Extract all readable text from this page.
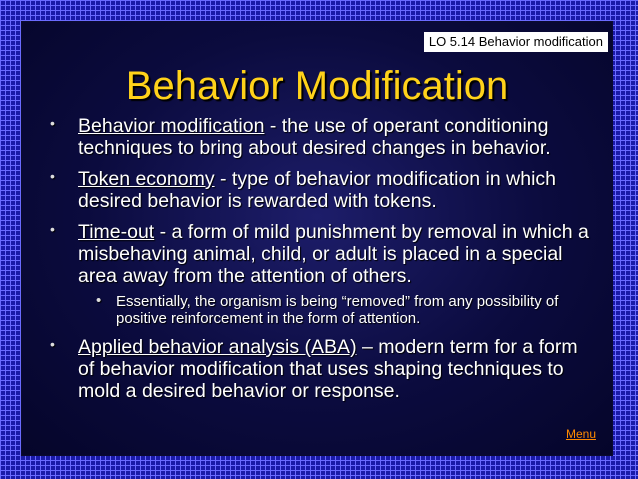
LO 5.14 Behavior modification
Behavior Modification
• Behavior modification - the use of operant conditioning techniques to bring about desired changes in behavior.
• Token economy - type of behavior modification in which desired behavior is rewarded with tokens.
• Time-out - a form of mild punishment by removal in which a misbehaving animal, child, or adult is placed in a special area away from the attention of others.
• Essentially, the organism is being “removed” from any possibility of positive reinforcement in the form of attention.
• Applied behavior analysis (ABA) – modern term for a form of behavior modification that uses shaping techniques to mold a desired behavior or response.
Menu
